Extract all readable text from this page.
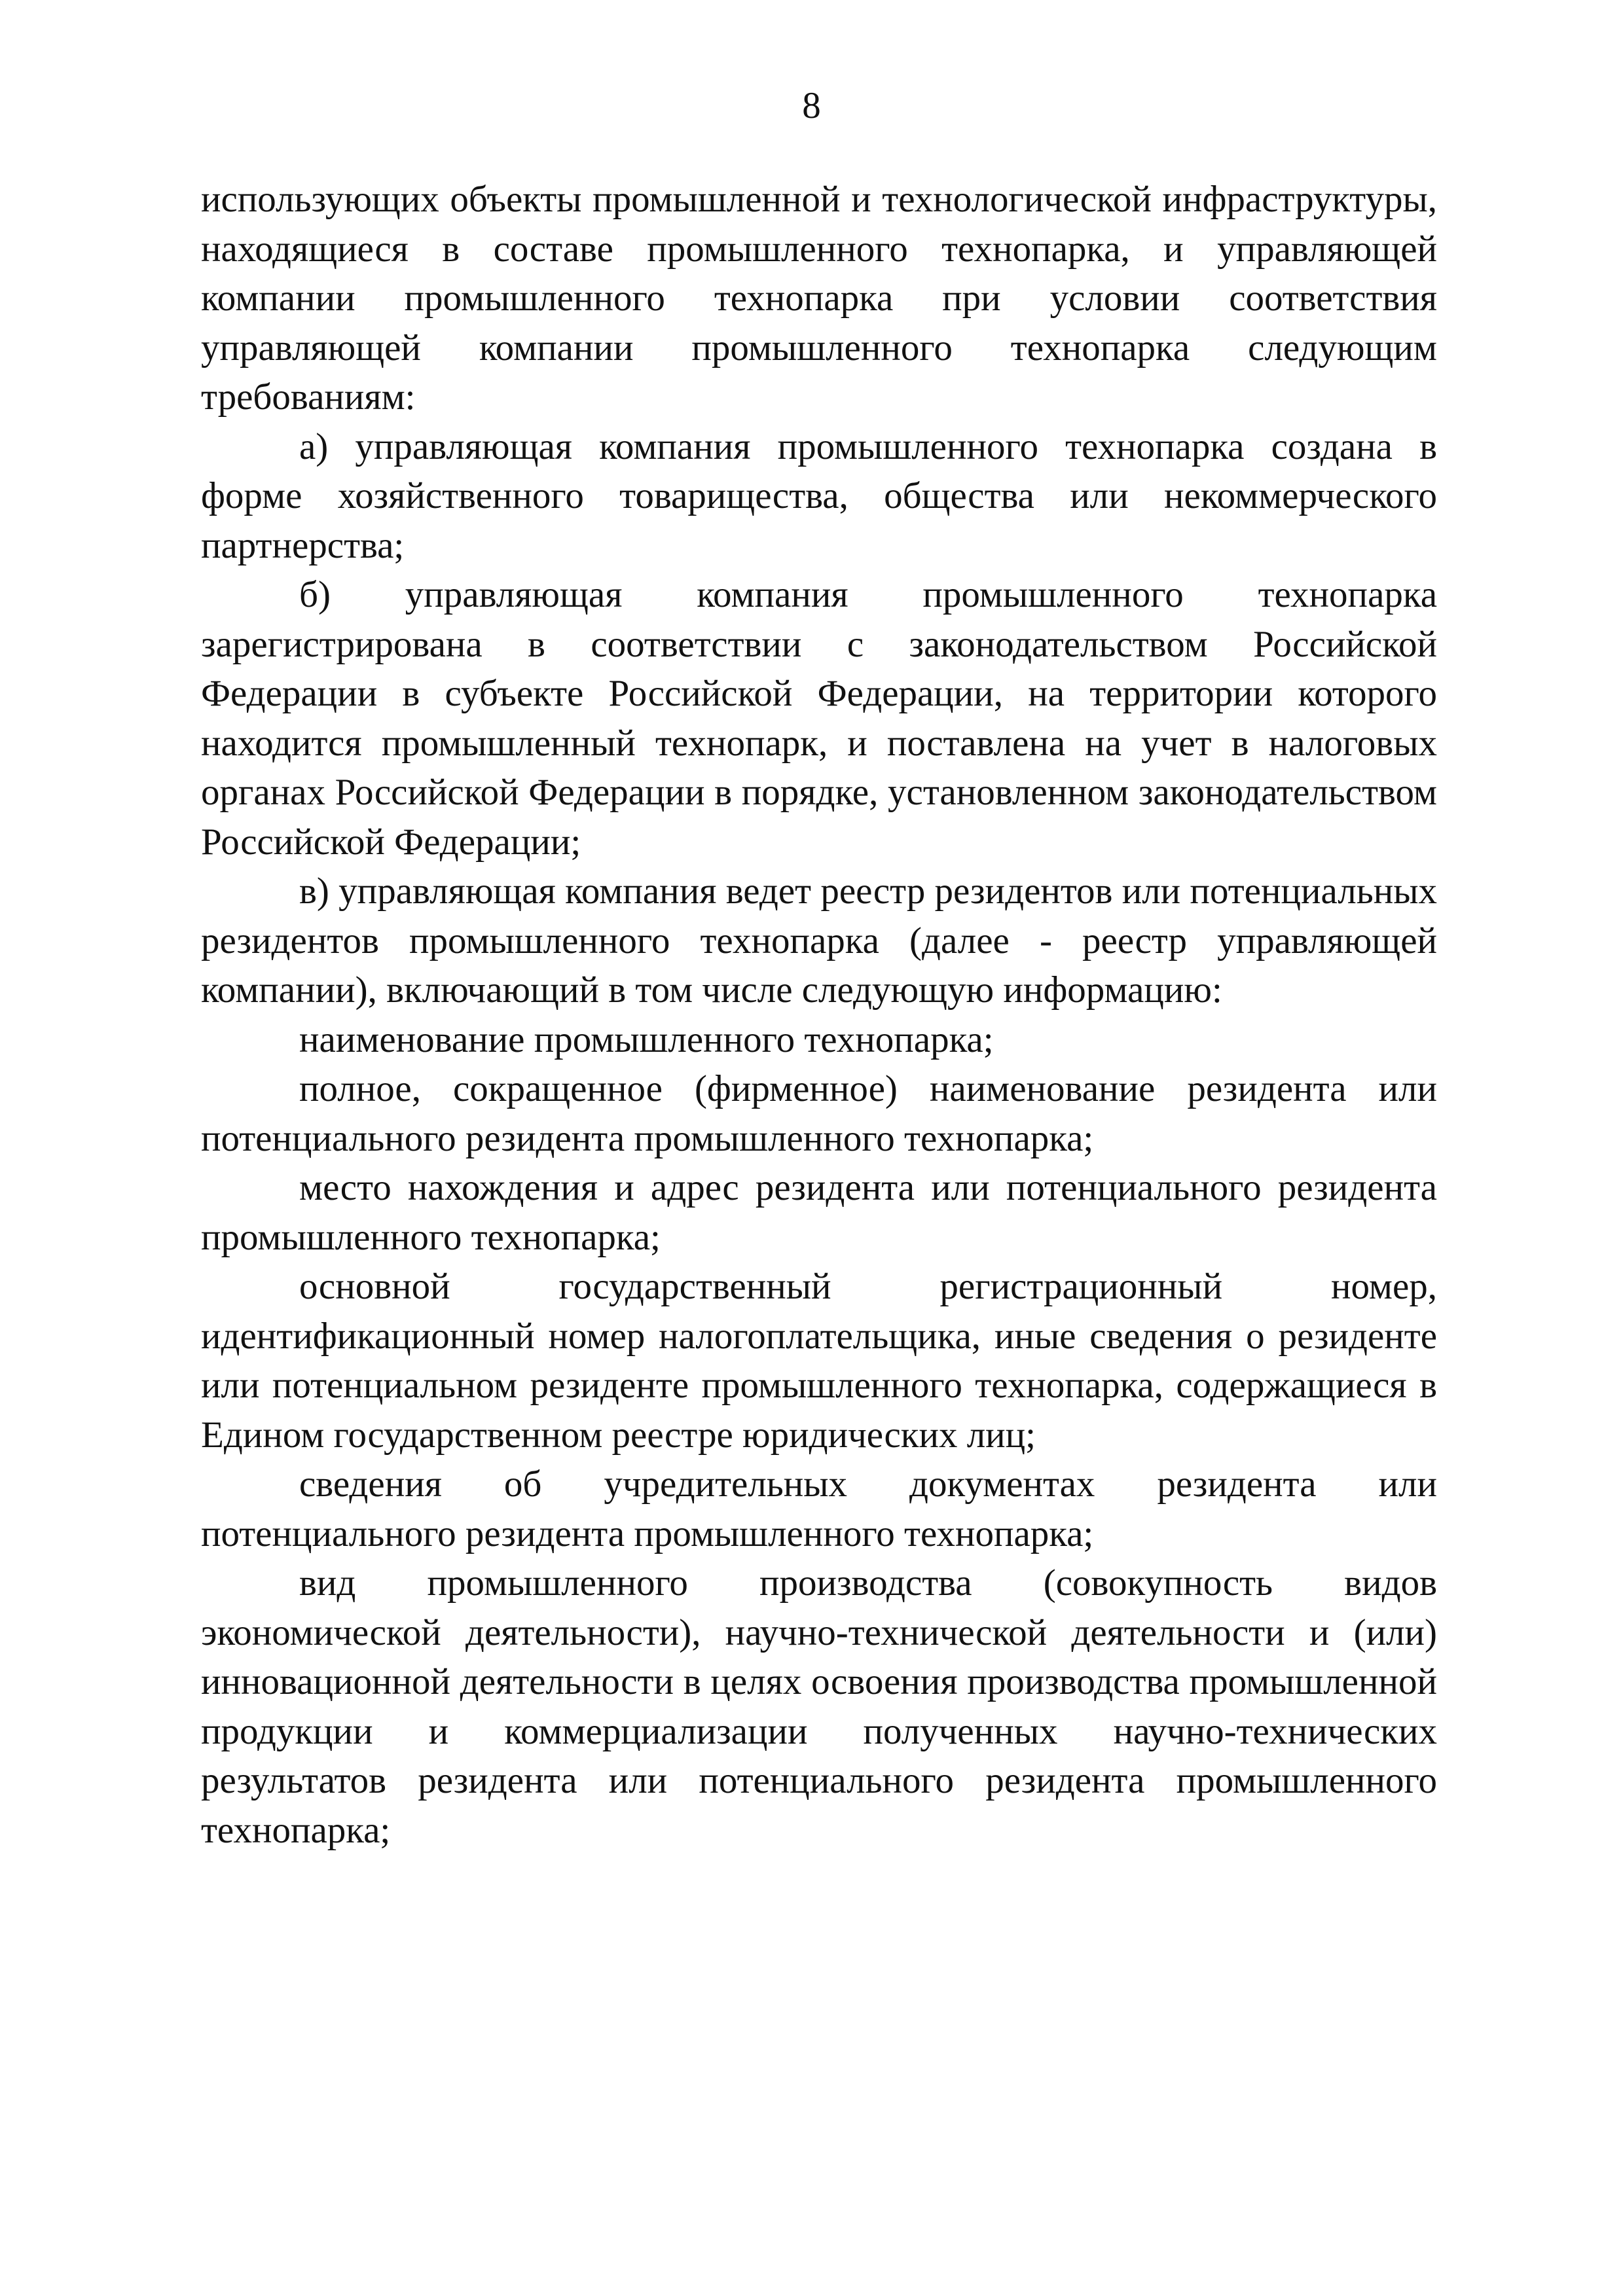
8

использующих объекты промышленной и технологической инфраструктуры, находящиеся в составе промышленного технопарка, и управляющей компании промышленного технопарка при условии соответствия управляющей компании промышленного технопарка следующим требованиям:

а) управляющая компания промышленного технопарка создана в форме хозяйственного товарищества, общества или некоммерческого партнерства;

б) управляющая компания промышленного технопарка зарегистрирована в соответствии с законодательством Российской Федерации в субъекте Российской Федерации, на территории которого находится промышленный технопарк, и поставлена на учет в налоговых органах Российской Федерации в порядке, установленном законодательством Российской Федерации;

в) управляющая компания ведет реестр резидентов или потенциальных резидентов промышленного технопарка (далее - реестр управляющей компании), включающий в том числе следующую информацию:

наименование промышленного технопарка;

полное, сокращенное (фирменное) наименование резидента или потенциального резидента промышленного технопарка;

место нахождения и адрес резидента или потенциального резидента промышленного технопарка;

основной государственный регистрационный номер, идентификационный номер налогоплательщика, иные сведения о резиденте или потенциальном резиденте промышленного технопарка, содержащиеся в Едином государственном реестре юридических лиц;

сведения об учредительных документах резидента или потенциального резидента промышленного технопарка;

вид промышленного производства (совокупность видов экономической деятельности), научно-технической деятельности и (или) инновационной деятельности в целях освоения производства промышленной продукции и коммерциализации полученных научно-технических результатов резидента или потенциального резидента промышленного технопарка;
